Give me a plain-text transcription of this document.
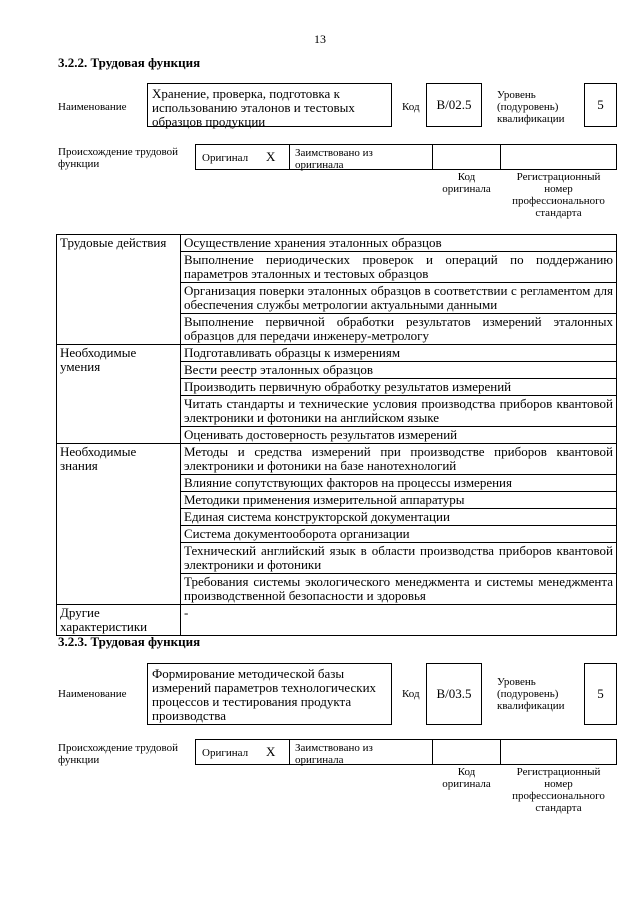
13
3.2.2. Трудовая функция
Наименование
Хранение, проверка, подготовка к
использованию эталонов и тестовых
образцов продукции
Код В/02.5
Уровень
(подуровень)
квалификации
5
Происхождение трудовой
функции	Оригинал X Заимствовано из
оригинала
Код
оригинала
Регистрационный
номер
профессионального
стандарта
Трудовые действия	Осуществление хранения эталонных образцов
	Выполнение периодических проверок и операций по поддержанию параметров эталонных и тестовых образцов
	Организация поверки эталонных образцов в соответствии с регламентом для обеспечения службы метрологии актуальными данными
	Выполнение первичной обработки результатов измерений эталонных образцов для передачи инженеру-метрологу
Необходимые умения	Подготавливать образцы к измерениям
	Вести реестр эталонных образцов
	Производить первичную обработку результатов измерений
	Читать стандарты и технические условия производства приборов квантовой электроники и фотоники на английском языке
	Оценивать достоверность результатов измерений
Необходимые знания	Методы и средства измерений при производстве приборов квантовой электроники и фотоники на базе нанотехнологий
	Влияние сопутствующих факторов на процессы измерения
	Методики применения измерительной аппаратуры
	Единая система конструкторской документации
	Система документооборота организации
	Технический английский язык в области производства приборов квантовой электроники и фотоники
	Требования системы экологического менеджмента и системы менеджмента производственной безопасности и здоровья
Другие характеристики	-
3.2.3. Трудовая функция
Наименование
Формирование методической базы
измерений параметров технологических
процессов и тестирования продукта
производства
Код В/03.5
Уровень
(подуровень)
квалификации
5
Происхождение трудовой
функции
Оригинал X Заимствовано из
оригинала
Код
оригинала
Регистрационный
номер
профессионального
стандарта
